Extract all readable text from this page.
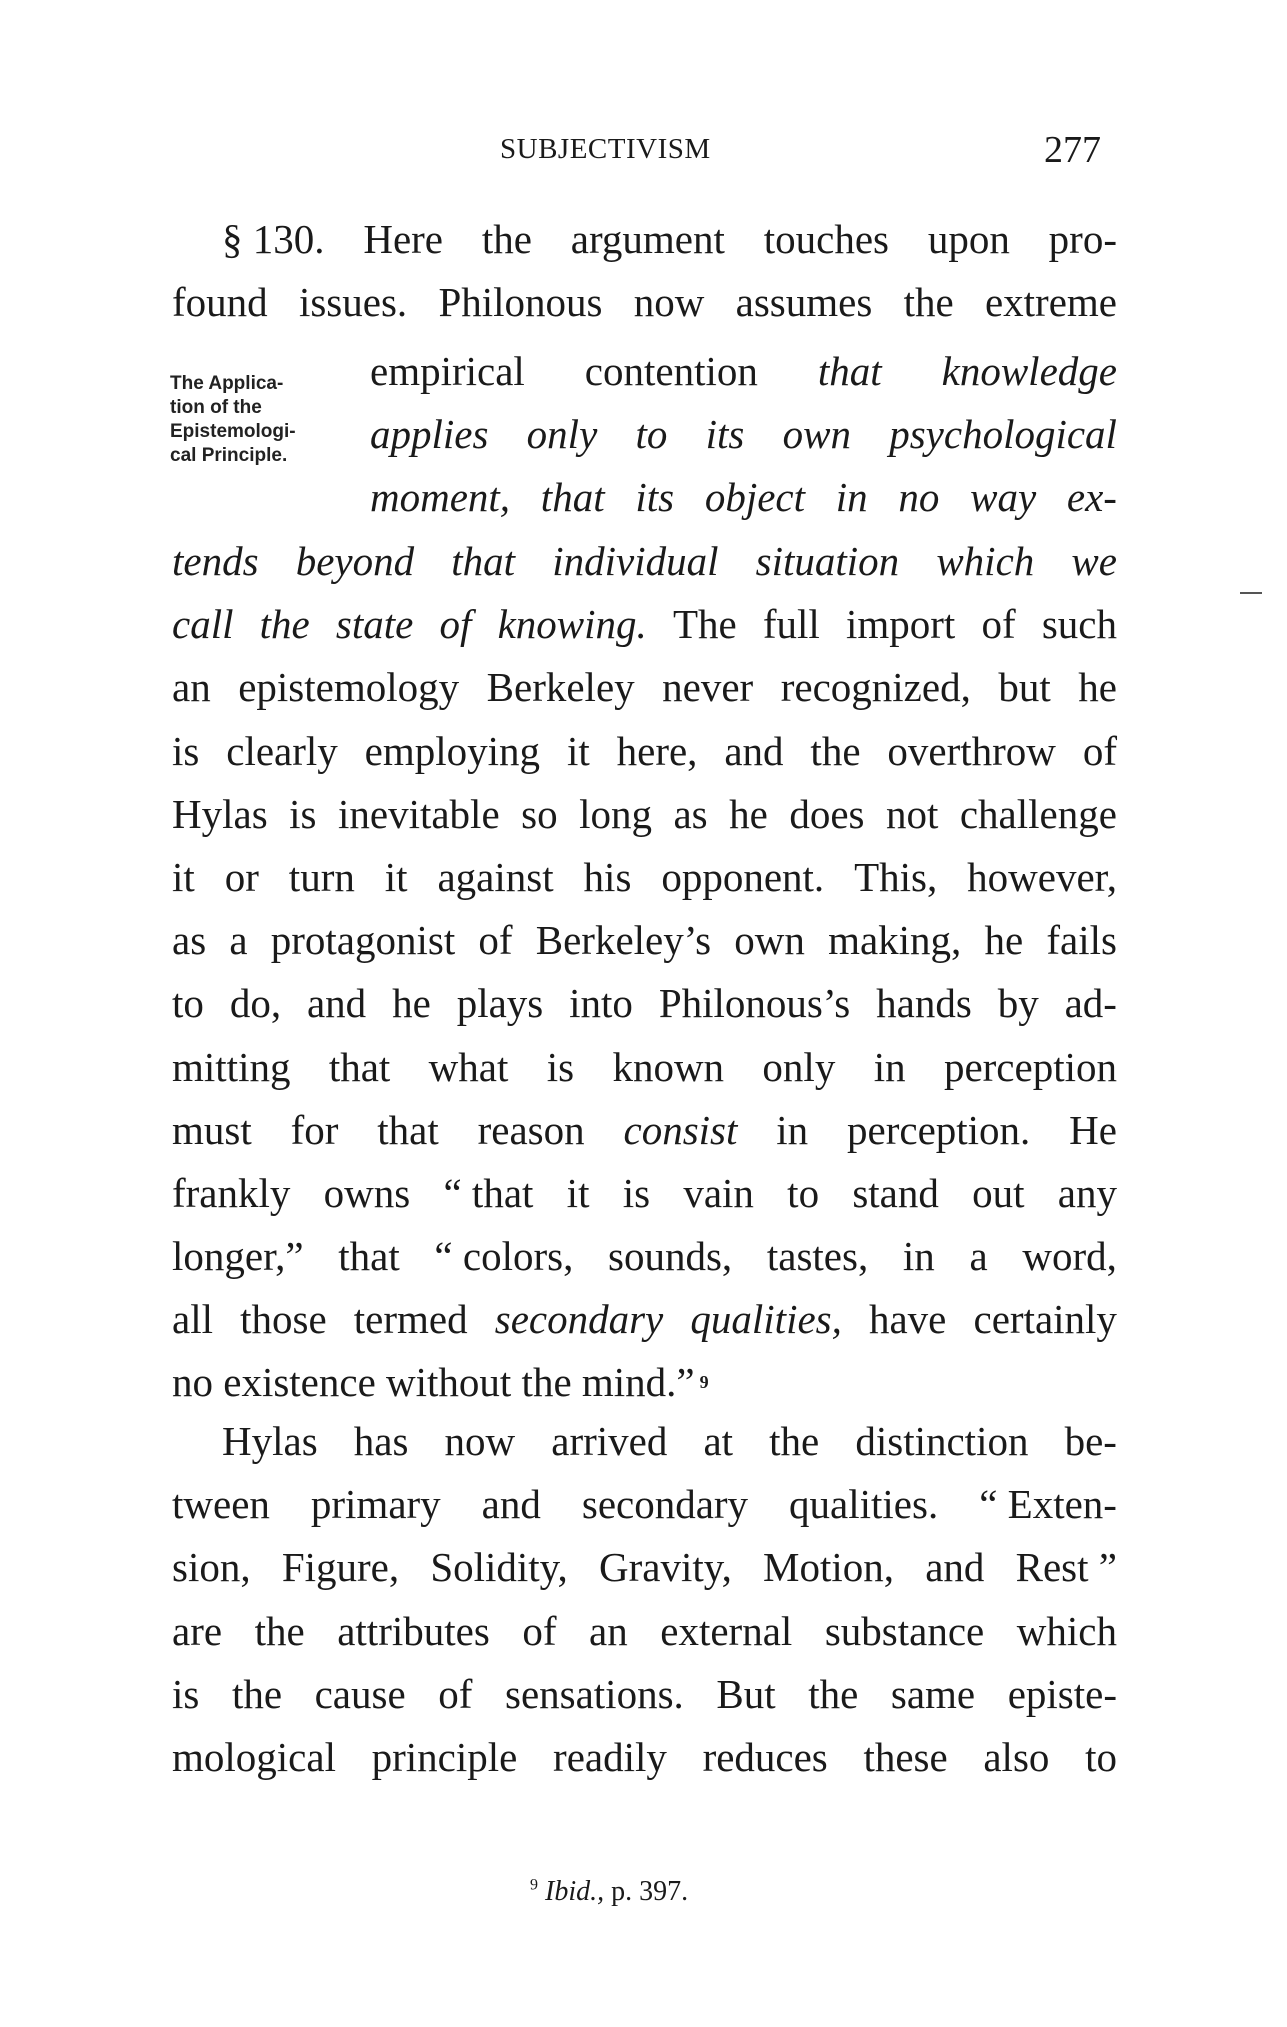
SUBJECTIVISM	277
The Applica-
tion of the
Epistemologi-
cal Principle.
§ 130. Here the argument touches upon pro-
found issues. Philonous now assumes the extreme
empirical contention that knowledge
applies only to its own psychological
moment, that its object in no way ex-
tends beyond that individual situation which we
call the state of knowing. The full import of such
an epistemology Berkeley never recognized, but he
is clearly employing it here, and the overthrow of
Hylas is inevitable so long as he does not challenge
it or turn it against his opponent. This, however,
as a protagonist of Berkeley’s own making, he fails
to do, and he plays into Philonous’s hands by ad-
mitting that what is known only in perception
must for that reason consist in perception. He
frankly owns “ that it is vain to stand out any
longer,” that “ colors, sounds, tastes, in a word,
all those termed secondary qualities, have certainly
no existence without the mind.” 9
Hylas has now arrived at the distinction be-
tween primary and secondary qualities. “ Exten-
sion, Figure, Solidity, Gravity, Motion, and Rest ”
are the attributes of an external substance which
is the cause of sensations. But the same episte-
mological principle readily reduces these also to
$^9$ Ibid., p. 397.
